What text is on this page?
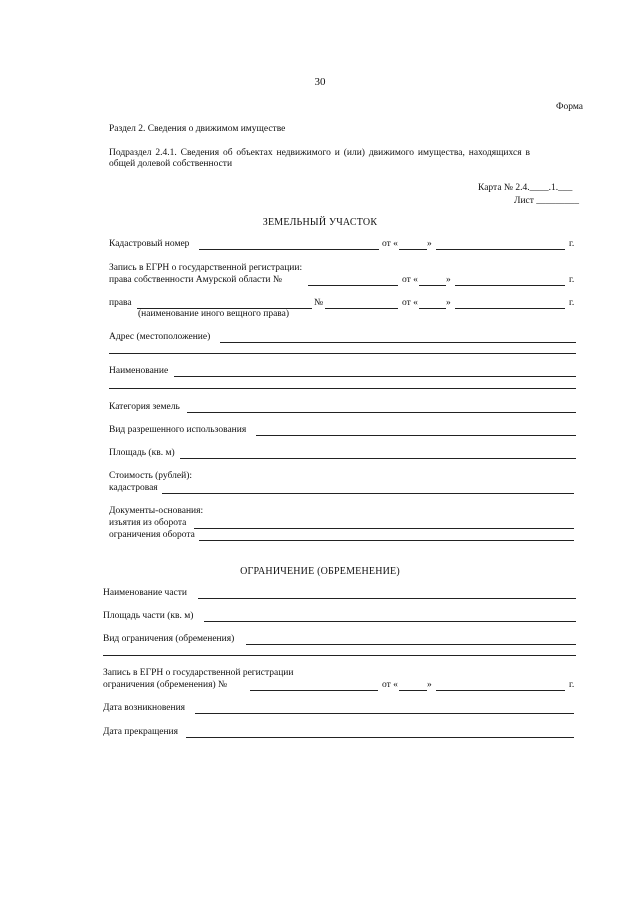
30
Форма
Раздел 2. Сведения о движимом имуществе
Подраздел 2.4.1. Сведения об объектах недвижимого и (или) движимого имущества, находящихся в
общей долевой собственности
Карта № 2.4.____.1.___
Лист _________
ЗЕМЕЛЬНЫЙ УЧАСТОК
Кадастровый номер	от «	»	г.
Запись в ЕГРН о государственной регистрации:
права собственности Амурской области №	от «	»	г.
права	№	от «	»	г.
(наименование иного вещного права)
Адрес (местоположение)
Наименование
Категория земель
Вид разрешенного использования
Площадь (кв. м)
Стоимость (рублей):
кадастровая
Документы-основания:
изъятия из оборота
ограничения оборота
ОГРАНИЧЕНИЕ (ОБРЕМЕНЕНИЕ)
Наименование части
Площадь части (кв. м)
Вид ограничения (обременения)
Запись в ЕГРН о государственной регистрации
ограничения (обременения) №	от «	»	г.
Дата возникновения
Дата прекращения
